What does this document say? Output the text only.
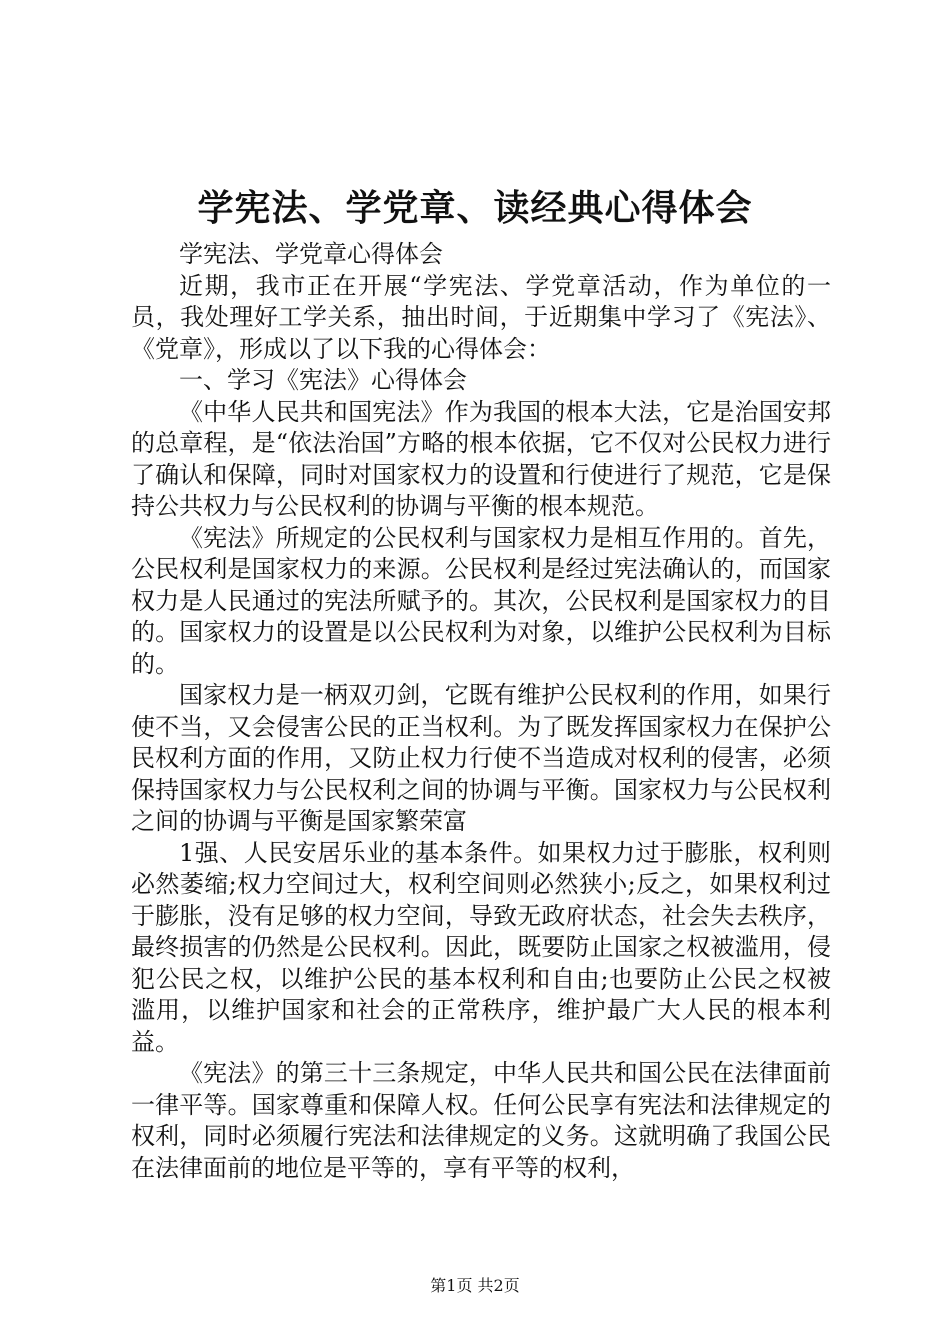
学宪法、学党章、读经典心得体会

学宪法、学党章心得体会

近期，我市正在开展“学宪法、学党章活动，作为单位的一员，我处理好工学关系，抽出时间，于近期集中学习了《宪法》、《党章》，形成以了以下我的心得体会：

一、学习《宪法》心得体会

《中华人民共和国宪法》作为我国的根本大法，它是治国安邦的总章程，是“依法治国”方略的根本依据，它不仅对公民权力进行了确认和保障，同时对国家权力的设置和行使进行了规范，它是保持公共权力与公民权利的协调与平衡的根本规范。

《宪法》所规定的公民权利与国家权力是相互作用的。首先，公民权利是国家权力的来源。公民权利是经过宪法确认的，而国家权力是人民通过的宪法所赋予的。其次，公民权利是国家权力的目的。国家权力的设置是以公民权利为对象，以维护公民权利为目标的。

国家权力是一柄双刃剑，它既有维护公民权利的作用，如果行使不当，又会侵害公民的正当权利。为了既发挥国家权力在保护公民权利方面的作用，又防止权力行使不当造成对权利的侵害，必须保持国家权力与公民权利之间的协调与平衡。国家权力与公民权利之间的协调与平衡是国家繁荣富

1强、人民安居乐业的基本条件。如果权力过于膨胀，权利则必然萎缩;权力空间过大，权利空间则必然狭小;反之，如果权利过于膨胀，没有足够的权力空间，导致无政府状态，社会失去秩序，最终损害的仍然是公民权利。因此，既要防止国家之权被滥用，侵犯公民之权，以维护公民的基本权利和自由;也要防止公民之权被滥用，以维护国家和社会的正常秩序，维护最广大人民的根本利益。

《宪法》的第三十三条规定，中华人民共和国公民在法律面前一律平等。国家尊重和保障人权。任何公民享有宪法和法律规定的权利，同时必须履行宪法和法律规定的义务。这就明确了我国公民在法律面前的地位是平等的，享有平等的权利，

第1页 共2页
